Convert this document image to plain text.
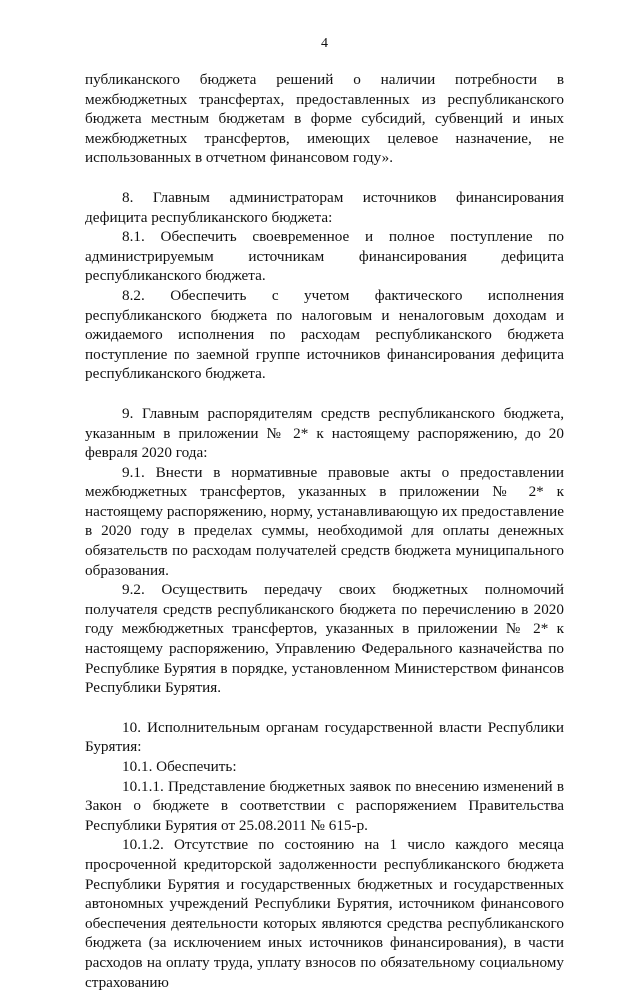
4

публиканского бюджета решений о наличии потребности в межбюджетных трансфертах, предоставленных из республиканского бюджета местным бюджетам в форме субсидий, субвенций и иных межбюджетных трансфертов, имеющих целевое назначение, не использованных в отчетном финансовом году».

8. Главным администраторам источников финансирования дефицита республиканского бюджета:

8.1. Обеспечить своевременное и полное поступление по администрируемым источникам финансирования дефицита республиканского бюджета.

8.2. Обеспечить с учетом фактического исполнения республиканского бюджета по налоговым и неналоговым доходам и ожидаемого исполнения по расходам республиканского бюджета поступление по заемной группе источников финансирования дефицита республиканского бюджета.

9. Главным распорядителям средств республиканского бюджета, указанным в приложении № 2* к настоящему распоряжению, до 20 февраля 2020 года:

9.1. Внести в нормативные правовые акты о предоставлении межбюджетных трансфертов, указанных в приложении № 2* к настоящему распоряжению, норму, устанавливающую их предоставление в 2020 году в пределах суммы, необходимой для оплаты денежных обязательств по расходам получателей средств бюджета муниципального образования.

9.2. Осуществить передачу своих бюджетных полномочий получателя средств республиканского бюджета по перечислению в 2020 году межбюджетных трансфертов, указанных в приложении № 2* к настоящему распоряжению, Управлению Федерального казначейства по Республике Бурятия в порядке, установленном Министерством финансов Республики Бурятия.

10. Исполнительным органам государственной власти Республики Бурятия:

10.1. Обеспечить:

10.1.1. Представление бюджетных заявок по внесению изменений в Закон о бюджете в соответствии с распоряжением Правительства Республики Бурятия от 25.08.2011 № 615-р.

10.1.2. Отсутствие по состоянию на 1 число каждого месяца просроченной кредиторской задолженности республиканского бюджета Республики Бурятия и государственных бюджетных и государственных автономных учреждений Республики Бурятия, источником финансового обеспечения деятельности которых являются средства республиканского бюджета (за исключением иных источников финансирования), в части расходов на оплату труда, уплату взносов по обязательному социальному страхованию
